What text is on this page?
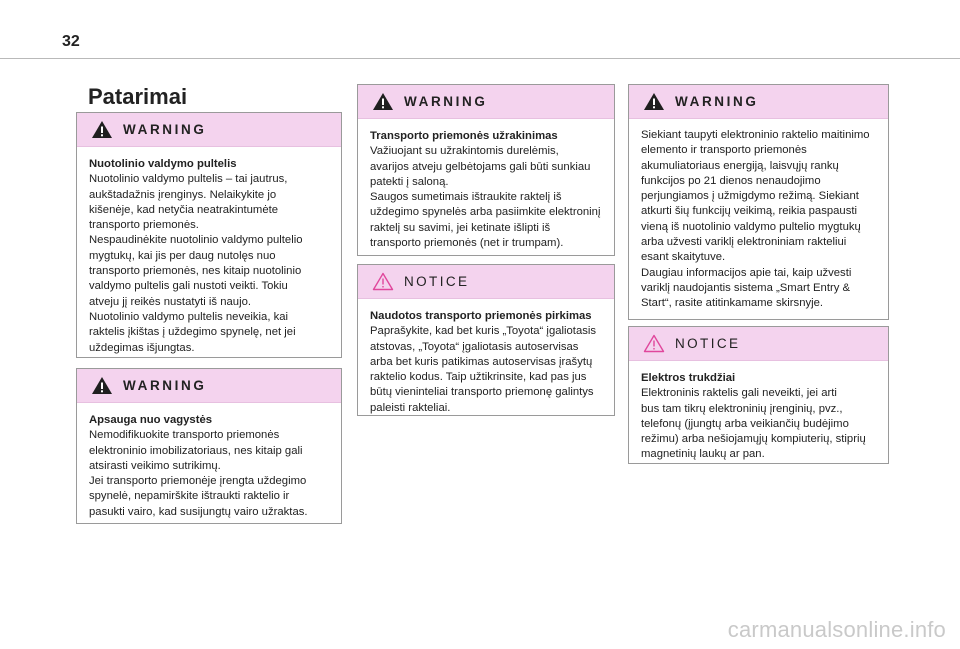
32
Patarimai
WARNING
Nuotolinio valdymo pultelis
Nuotolinio valdymo pultelis – tai jautrus,
aukštadažnis įrenginys. Nelaikykite jo
kišenėje, kad netyčia neatrakintumėte
transporto priemonės.
Nespaudinėkite nuotolinio valdymo pultelio
mygtukų, kai jis per daug nutolęs nuo
transporto priemonės, nes kitaip nuotolinio
valdymo pultelis gali nustoti veikti. Tokiu
atveju jį reikės nustatyti iš naujo.
Nuotolinio valdymo pultelis neveikia, kai
raktelis įkištas į uždegimo spynelę, net jei
uždegimas išjungtas.
WARNING
Apsauga nuo vagystės
Nemodifikuokite transporto priemonės
elektroninio imobilizatoriaus, nes kitaip gali
atsirasti veikimo sutrikimų.
Jei transporto priemonėje įrengta uždegimo
spynelė, nepamirškite ištraukti raktelio ir
pasukti vairo, kad susijungtų vairo užraktas.
WARNING
Transporto priemonės užrakinimas
Važiuojant su užrakintomis durelėmis,
avarijos atveju gelbėtojams gali būti sunkiau
patekti į saloną.
Saugos sumetimais ištraukite raktelį iš
uždegimo spynelės arba pasiimkite elektroninį
raktelį su savimi, jei ketinate išlipti iš
transporto priemonės (net ir trumpam).
NOTICE
Naudotos transporto priemonės pirkimas
Paprašykite, kad bet kuris „Toyota“ įgaliotasis
atstovas, „Toyota“ įgaliotasis autoservisas
arba bet kuris patikimas autoservisas įrašytų
raktelio kodus. Taip užtikrinsite, kad pas jus
būtų vieninteliai transporto priemonę galintys
paleisti rakteliai.
WARNING
Siekiant taupyti elektroninio raktelio maitinimo
elemento ir transporto priemonės
akumuliatoriaus energiją, laisvųjų rankų
funkcijos po 21 dienos nenaudojimo
perjungiamos į užmigdymo režimą. Siekiant
atkurti šių funkcijų veikimą, reikia paspausti
vieną iš nuotolinio valdymo pultelio mygtukų
arba užvesti variklį elektroniniam rakteliui
esant skaitytuve.
Daugiau informacijos apie tai, kaip užvesti
variklį naudojantis sistema „Smart Entry &
Start“, rasite atitinkamame skirsnyje.
NOTICE
Elektros trukdžiai
Elektroninis raktelis gali neveikti, jei arti
bus tam tikrų elektroninių įrenginių, pvz.,
telefonų (įjungtų arba veikiančių budėjimo
režimu) arba nešiojamųjų kompiuterių, stiprių
magnetinių laukų ar pan.
carmanualsonline.info
